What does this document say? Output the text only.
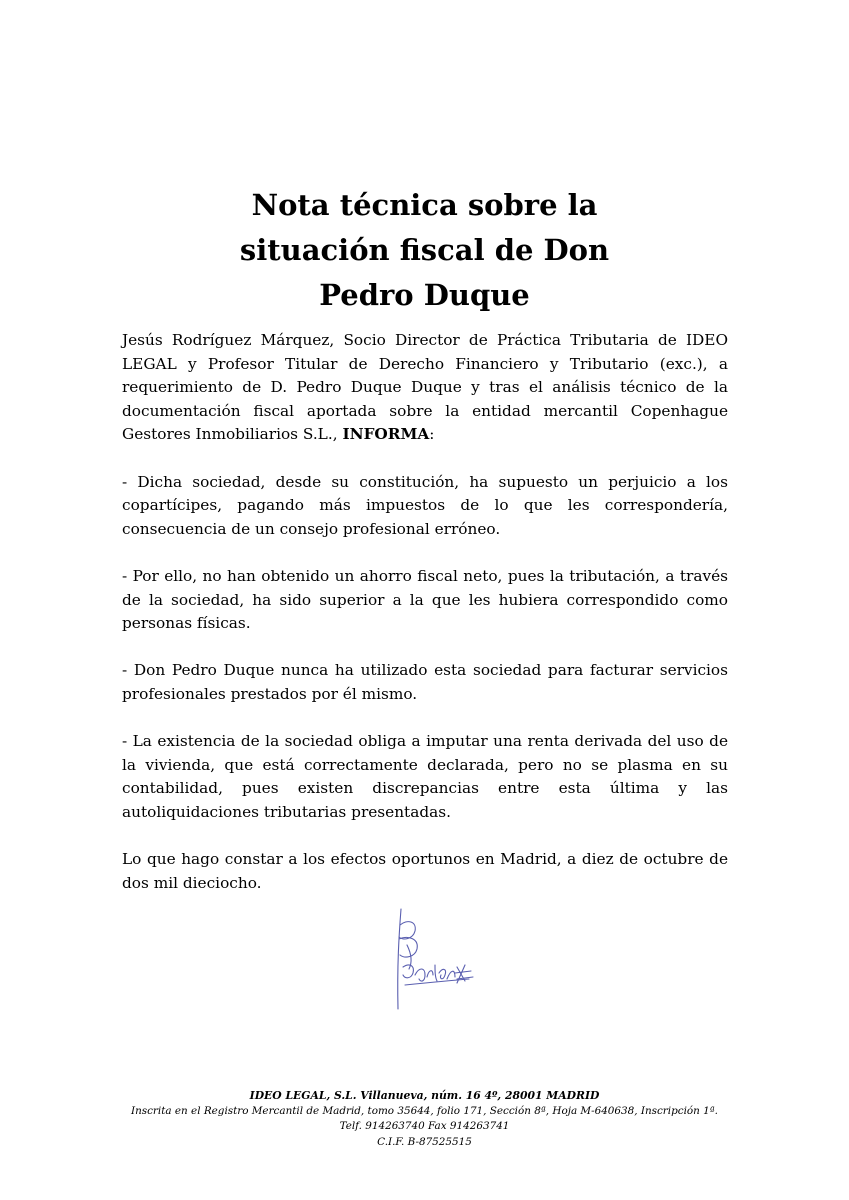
Nota técnica sobre la
situación fiscal de Don
Pedro Duque

Jesús Rodríguez Márquez, Socio Director de Práctica Tributaria de IDEO LEGAL y Profesor Titular de Derecho Financiero y Tributario (exc.), a requerimiento de D. Pedro Duque Duque y tras el análisis técnico de la documentación fiscal aportada sobre la entidad mercantil Copenhague Gestores Inmobiliarios S.L., INFORMA:

- Dicha sociedad, desde su constitución, ha supuesto un perjuicio a los copartícipes, pagando más impuestos de lo que les correspondería, consecuencia de un consejo profesional erróneo.

- Por ello, no han obtenido un ahorro fiscal neto, pues la tributación, a través de la sociedad, ha sido superior a la que les hubiera correspondido como personas físicas.

- Don Pedro Duque nunca ha utilizado esta sociedad para facturar servicios profesionales prestados por él mismo.

- La existencia de la sociedad obliga a imputar una renta derivada del uso de la vivienda, que está correctamente declarada, pero no se plasma en su contabilidad, pues existen discrepancias entre esta última y las autoliquidaciones tributarias presentadas.

Lo que hago constar a los efectos oportunos en Madrid, a diez de octubre de dos mil dieciocho.

IDEO LEGAL, S.L. Villanueva, núm. 16 4º, 28001 MADRID
Inscrita en el Registro Mercantil de Madrid, tomo 35644, folio 171, Sección 8ª, Hoja M-640638, Inscripción 1ª.
Telf. 914263740 Fax 914263741
C.I.F. B-87525515
